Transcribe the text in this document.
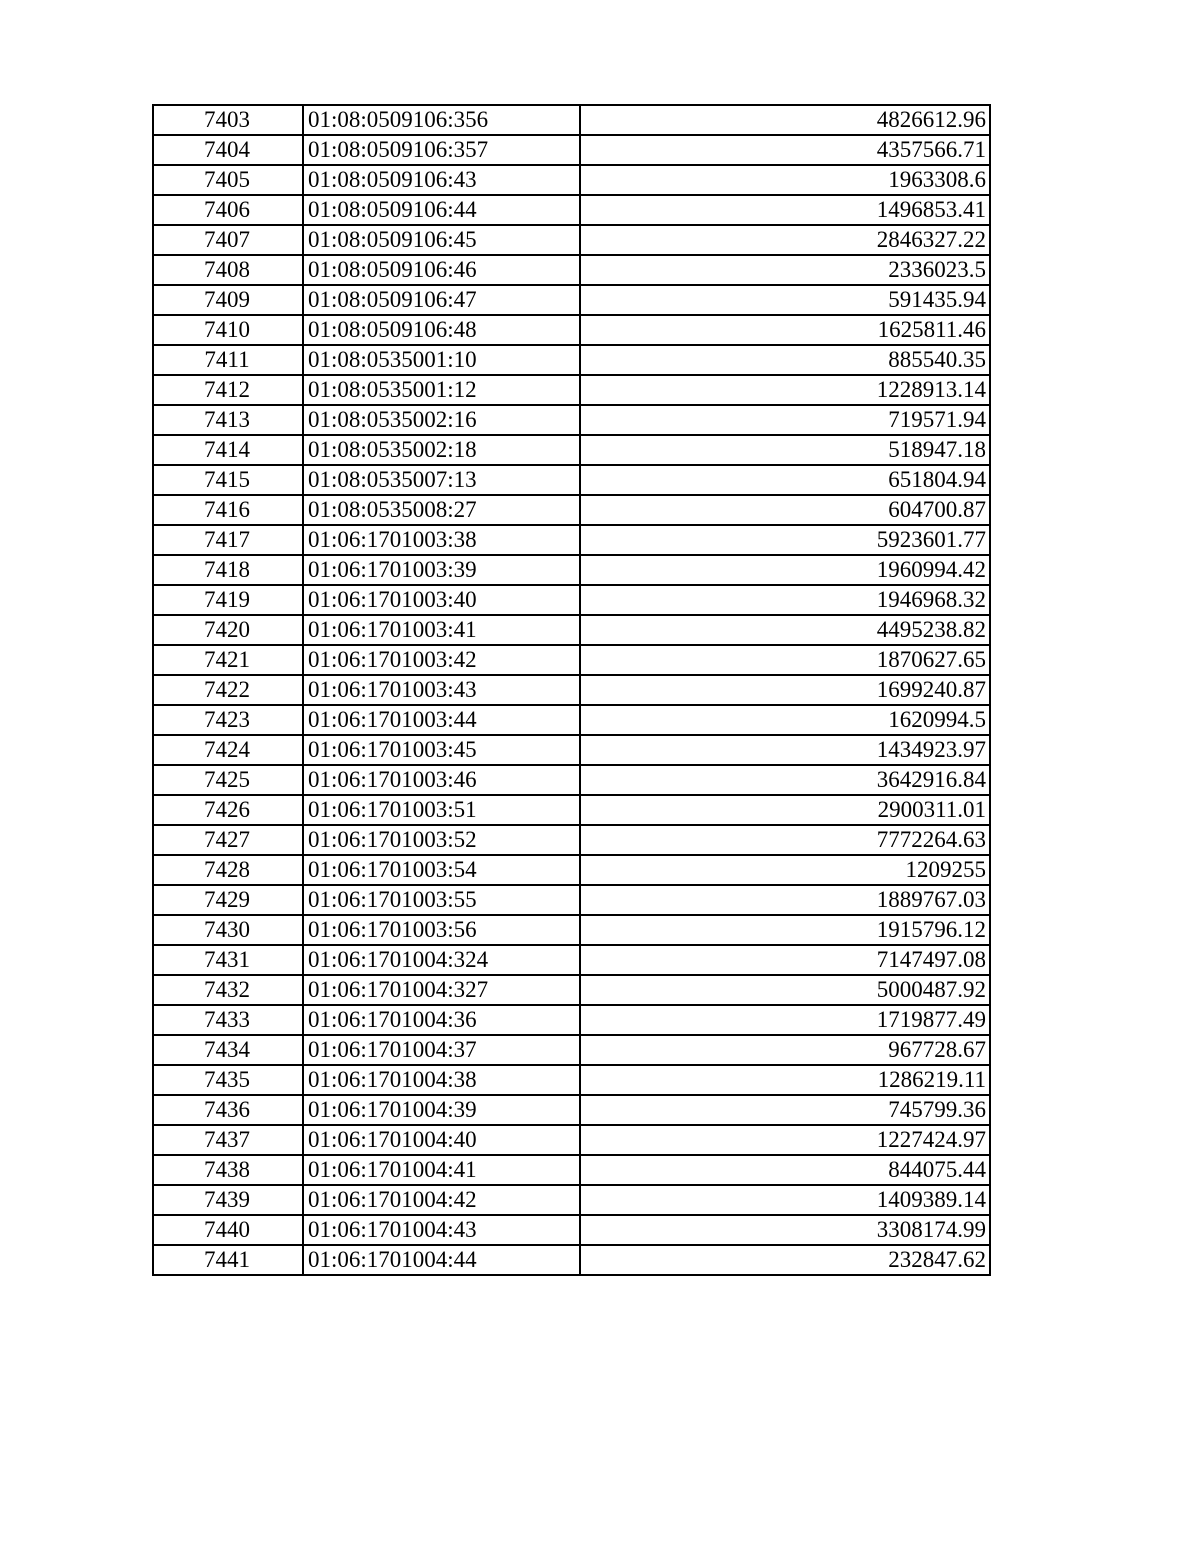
7403	01:08:0509106:356	4826612.96
7404	01:08:0509106:357	4357566.71
7405	01:08:0509106:43	1963308.6
7406	01:08:0509106:44	1496853.41
7407	01:08:0509106:45	2846327.22
7408	01:08:0509106:46	2336023.5
7409	01:08:0509106:47	591435.94
7410	01:08:0509106:48	1625811.46
7411	01:08:0535001:10	885540.35
7412	01:08:0535001:12	1228913.14
7413	01:08:0535002:16	719571.94
7414	01:08:0535002:18	518947.18
7415	01:08:0535007:13	651804.94
7416	01:08:0535008:27	604700.87
7417	01:06:1701003:38	5923601.77
7418	01:06:1701003:39	1960994.42
7419	01:06:1701003:40	1946968.32
7420	01:06:1701003:41	4495238.82
7421	01:06:1701003:42	1870627.65
7422	01:06:1701003:43	1699240.87
7423	01:06:1701003:44	1620994.5
7424	01:06:1701003:45	1434923.97
7425	01:06:1701003:46	3642916.84
7426	01:06:1701003:51	2900311.01
7427	01:06:1701003:52	7772264.63
7428	01:06:1701003:54	1209255
7429	01:06:1701003:55	1889767.03
7430	01:06:1701003:56	1915796.12
7431	01:06:1701004:324	7147497.08
7432	01:06:1701004:327	5000487.92
7433	01:06:1701004:36	1719877.49
7434	01:06:1701004:37	967728.67
7435	01:06:1701004:38	1286219.11
7436	01:06:1701004:39	745799.36
7437	01:06:1701004:40	1227424.97
7438	01:06:1701004:41	844075.44
7439	01:06:1701004:42	1409389.14
7440	01:06:1701004:43	3308174.99
7441	01:06:1701004:44	232847.62
